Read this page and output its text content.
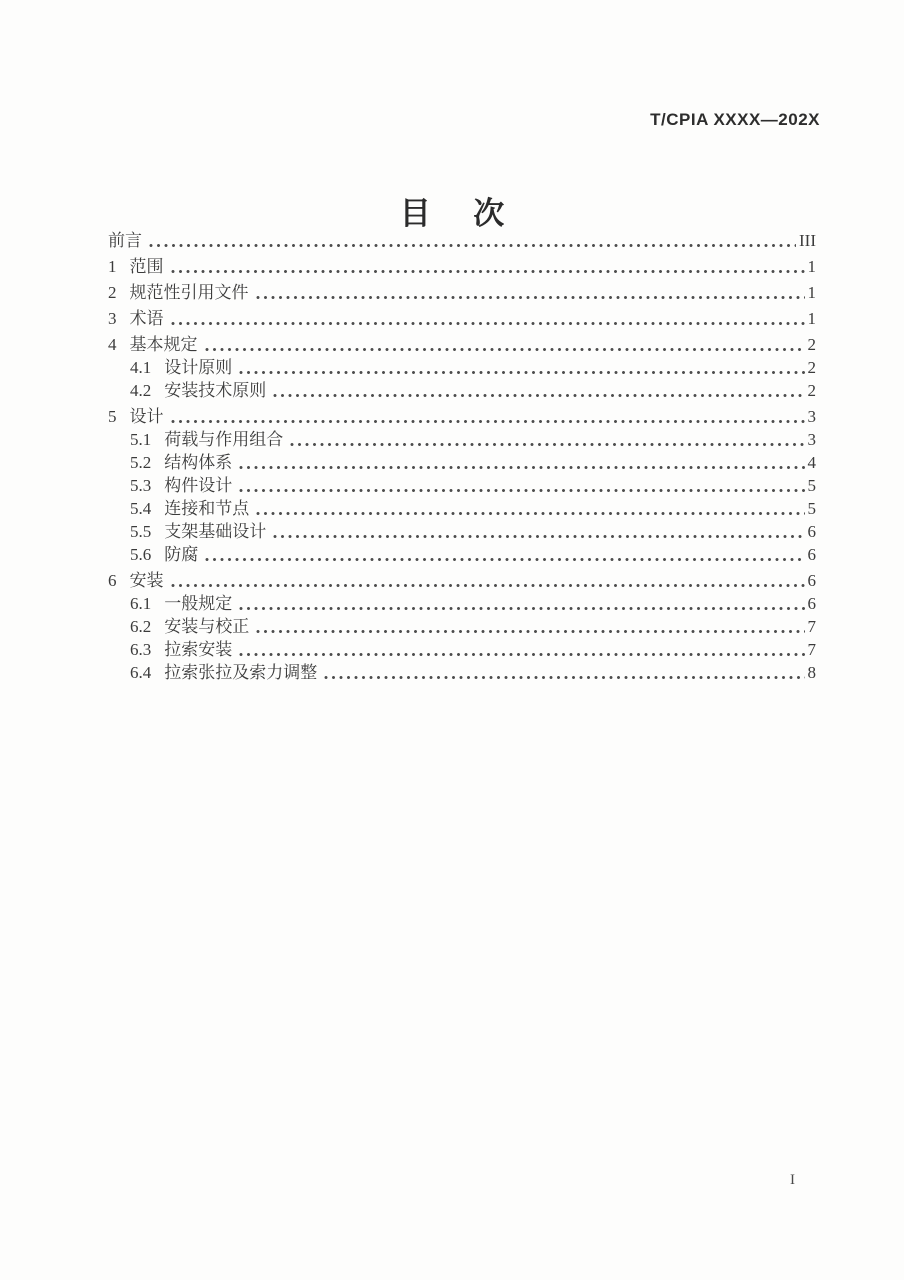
T/CPIA XXXX—202X
目 次
前言	III
1 范围	1
2 规范性引用文件	1
3 术语	1
4 基本规定	2
4.1 设计原则	2
4.2 安装技术原则	2
5 设计	3
5.1 荷载与作用组合	3
5.2 结构体系	4
5.3 构件设计	5
5.4 连接和节点	5
5.5 支架基础设计	6
5.6 防腐	6
6 安装	6
6.1 一般规定	6
6.2 安装与校正	7
6.3 拉索安装	7
6.4 拉索张拉及索力调整	8
I
